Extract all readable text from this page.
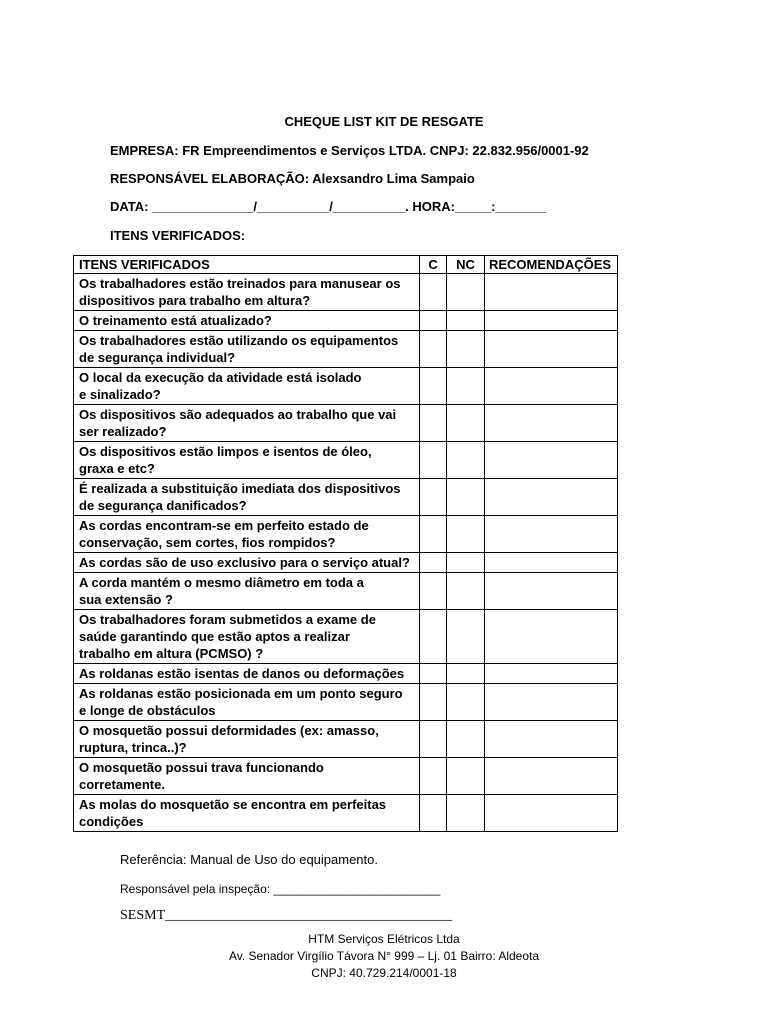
CHEQUE LIST KIT DE RESGATE
EMPRESA: FR Empreendimentos e Serviços LTDA. CNPJ: 22.832.956/0001-92
RESPONSÁVEL ELABORAÇÃO: Alexsandro Lima Sampaio
DATA: ______________/__________/__________. HORA:_____:_______
ITENS VERIFICADOS:
ITENS VERIFICADOS	C	NC	RECOMENDAÇÕES

Os trabalhadores estão treinados para manusear os
dispositivos para trabalho em altura?			

O treinamento está atualizado?			

Os trabalhadores estão utilizando os equipamentos
de segurança individual?			

O local da execução da atividade está isolado
e sinalizado?			

Os dispositivos são adequados ao trabalho que vai
ser realizado?			

Os dispositivos estão limpos e isentos de óleo,
graxa e etc?			

É realizada a substituição imediata dos dispositivos
de segurança danificados?			

As cordas encontram-se em perfeito estado de
conservação, sem cortes, fios rompidos?			

As cordas são de uso exclusivo para o serviço atual?			

A corda mantém o mesmo diâmetro em toda a
sua extensão ?			

Os trabalhadores foram submetidos a exame de
saúde garantindo que estão aptos a realizar
trabalho em altura (PCMSO) ?			

As roldanas estão isentas de danos ou deformações			

As roldanas estão posicionada em um ponto seguro
e longe de obstáculos			

O mosquetão possui deformidades (ex: amasso,
ruptura, trinca..)?			

O mosquetão possui trava funcionando
corretamente.			

As molas do mosquetão se encontra em perfeitas
condições			

Referência: Manual de Uso do equipamento.
Responsável pela inspeção: _________________________
SESMT_________________________________________
HTM Serviços Elétricos Ltda
Av. Senador Virgílio Távora N° 999 – Lj. 01 Bairro: Aldeota
CNPJ: 40.729.214/0001-18
